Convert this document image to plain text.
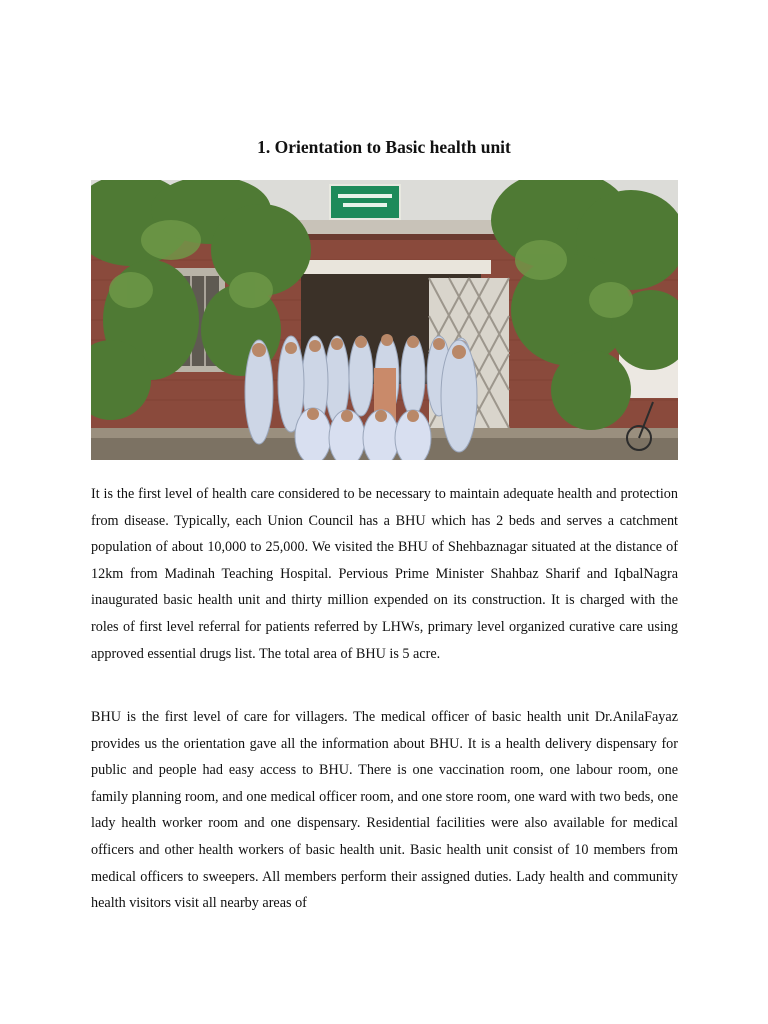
1. Orientation to Basic health unit

It is the first level of health care considered to be necessary to maintain adequate health and protection from disease. Typically, each Union Council has a BHU which has 2 beds and serves a catchment population of about 10,000 to 25,000. We visited the BHU of Shehbaznagar situated at the distance of 12km from Madinah Teaching Hospital. Pervious Prime Minister Shahbaz Sharif and IqbalNagra inaugurated basic health unit and thirty million expended on its construction. It is charged with the roles of first level referral for patients referred by LHWs, primary level organized curative care using approved essential drugs list. The total area of BHU is 5 acre.

BHU is the first level of care for villagers. The medical officer of basic health unit Dr.AnilaFayaz provides us the orientation gave all the information about BHU. It is a health delivery dispensary for public and people had easy access to BHU. There is one vaccination room, one labour room, one family planning room, and one medical officer room, and one store room, one ward with two beds, one lady health worker room and one dispensary. Residential facilities were also available for medical officers and other health workers of basic health unit. Basic health unit consist of 10 members from medical officers to sweepers. All members perform their assigned duties. Lady health and community health visitors visit all nearby areas of
